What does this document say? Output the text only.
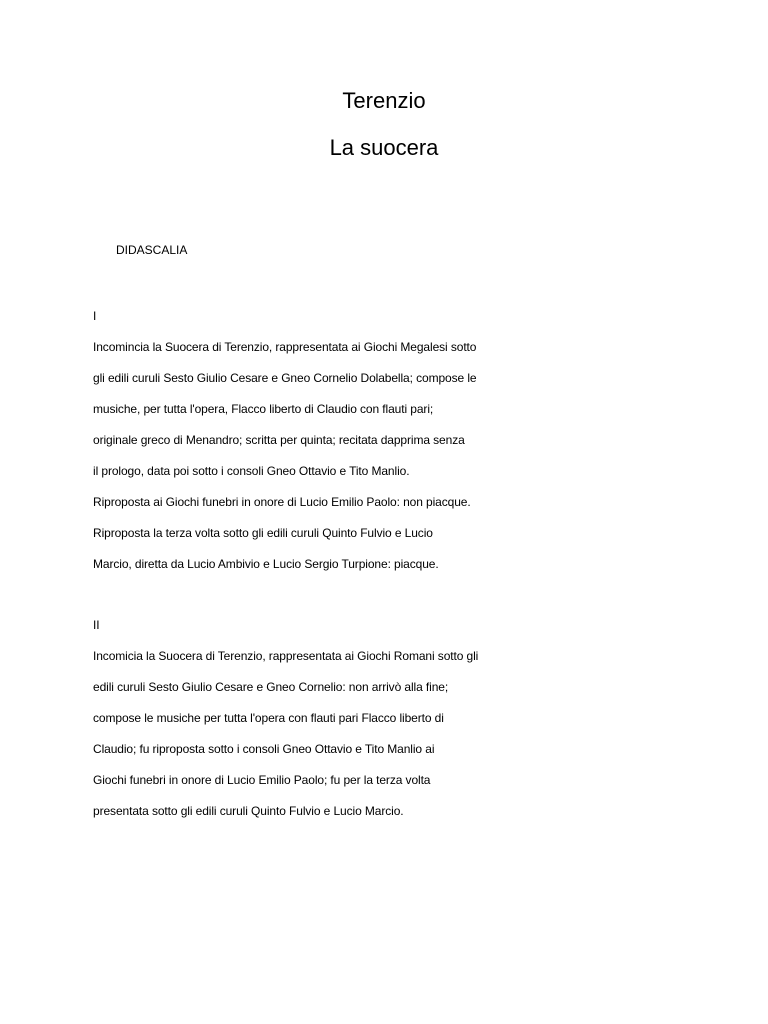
Terenzio
La suocera
DIDASCALIA
I
Incomincia la Suocera di Terenzio, rappresentata ai Giochi Megalesi sotto
gli edili curuli Sesto Giulio Cesare e Gneo Cornelio Dolabella; compose le
musiche, per tutta l'opera, Flacco liberto di Claudio con flauti pari;
originale greco di Menandro; scritta per quinta; recitata dapprima senza
il prologo, data poi sotto i consoli Gneo Ottavio e Tito Manlio.
Riproposta ai Giochi funebri in onore di Lucio Emilio Paolo: non piacque.
Riproposta la terza volta sotto gli edili curuli Quinto Fulvio e Lucio
Marcio, diretta da Lucio Ambivio e Lucio Sergio Turpione: piacque.
II
Incomicia la Suocera di Terenzio, rappresentata ai Giochi Romani sotto gli
edili curuli Sesto Giulio Cesare e Gneo Cornelio: non arrivò alla fine;
compose le musiche per tutta l'opera con flauti pari Flacco liberto di
Claudio; fu riproposta sotto i consoli Gneo Ottavio e Tito Manlio ai
Giochi funebri in onore di Lucio Emilio Paolo; fu per la terza volta
presentata sotto gli edili curuli Quinto Fulvio e Lucio Marcio.
